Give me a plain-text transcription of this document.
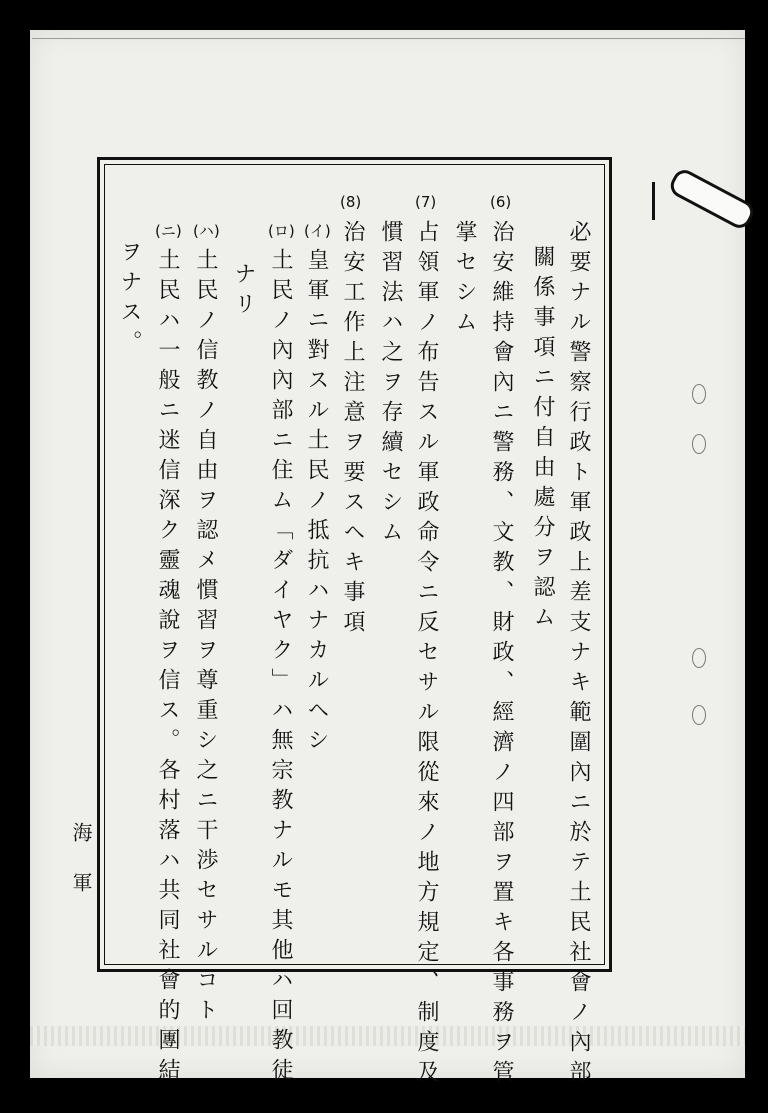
海軍	必要ナル警察行政ト軍政上差支ナキ範圍內ニ於テ土民社會ノ內部
關係事項ニ付自由處分ヲ認ム
(6)
治安維持會內ニ警務、文教、財政、經濟ノ四部ヲ置キ各事務ヲ管
掌セシム
(7)
占領軍ノ布告スル軍政命令ニ反セサル限從來ノ地方規定、制度及
慣習法ハ之ヲ存續セシム
(8)
治安工作上注意ヲ要スヘキ事項
(イ)
皇軍ニ對スル土民ノ抵抗ハナカルヘシ
(ロ)
土民ノ內內部ニ住ム「ダイヤク」ハ無宗教ナルモ其他ハ回教徒
ナリ
(ハ)
土民ノ信教ノ自由ヲ認メ慣習ヲ尊重シ之ニ干渉セサルコト
(ニ)
土民ハ一般ニ迷信深ク靈魂說ヲ信ス。各村落ハ共同社會的團結
ヲナス。
